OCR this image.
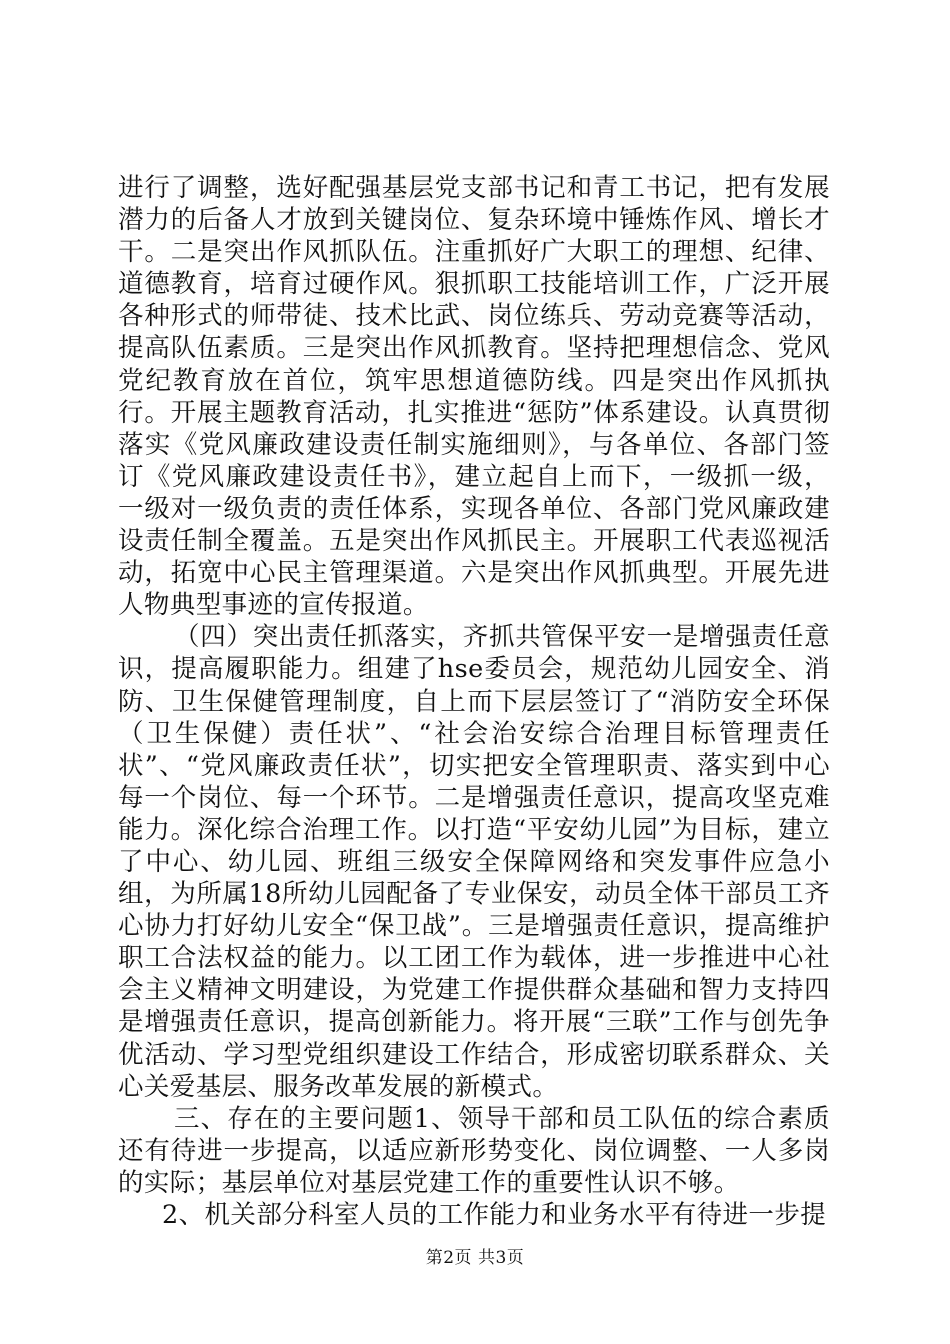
进行了调整，选好配强基层党支部书记和青工书记，把有发展潜力的后备人才放到关键岗位、复杂环境中锤炼作风、增长才干。二是突出作风抓队伍。注重抓好广大职工的理想、纪律、道德教育，培育过硬作风。狠抓职工技能培训工作，广泛开展各种形式的师带徒、技术比武、岗位练兵、劳动竞赛等活动，提高队伍素质。三是突出作风抓教育。坚持把理想信念、党风党纪教育放在首位，筑牢思想道德防线。四是突出作风抓执行。开展主题教育活动，扎实推进“惩防”体系建设。认真贯彻落实《党风廉政建设责任制实施细则》，与各单位、各部门签订《党风廉政建设责任书》，建立起自上而下，一级抓一级，一级对一级负责的责任体系，实现各单位、各部门党风廉政建设责任制全覆盖。五是突出作风抓民主。开展职工代表巡视活动，拓宽中心民主管理渠道。六是突出作风抓典型。开展先进人物典型事迹的宣传报道。

（四）突出责任抓落实，齐抓共管保平安一是增强责任意识，提高履职能力。组建了hse委员会，规范幼儿园安全、消防、卫生保健管理制度，自上而下层层签订了“消防安全环保（卫生保健）责任状”、“社会治安综合治理目标管理责任状”、“党风廉政责任状”，切实把安全管理职责、落实到中心每一个岗位、每一个环节。二是增强责任意识，提高攻坚克难能力。深化综合治理工作。以打造“平安幼儿园”为目标，建立了中心、幼儿园、班组三级安全保障网络和突发事件应急小组，为所属18所幼儿园配备了专业保安，动员全体干部员工齐心协力打好幼儿安全“保卫战”。三是增强责任意识，提高维护职工合法权益的能力。以工团工作为载体，进一步推进中心社会主义精神文明建设，为党建工作提供群众基础和智力支持四是增强责任意识，提高创新能力。将开展“三联”工作与创先争优活动、学习型党组织建设工作结合，形成密切联系群众、关心关爱基层、服务改革发展的新模式。

三、存在的主要问题1、领导干部和员工队伍的综合素质还有待进一步提高，以适应新形势变化、岗位调整、一人多岗的实际；基层单位对基层党建工作的重要性认识不够。

2、机关部分科室人员的工作能力和业务水平有待进一步提

第2页 共3页
